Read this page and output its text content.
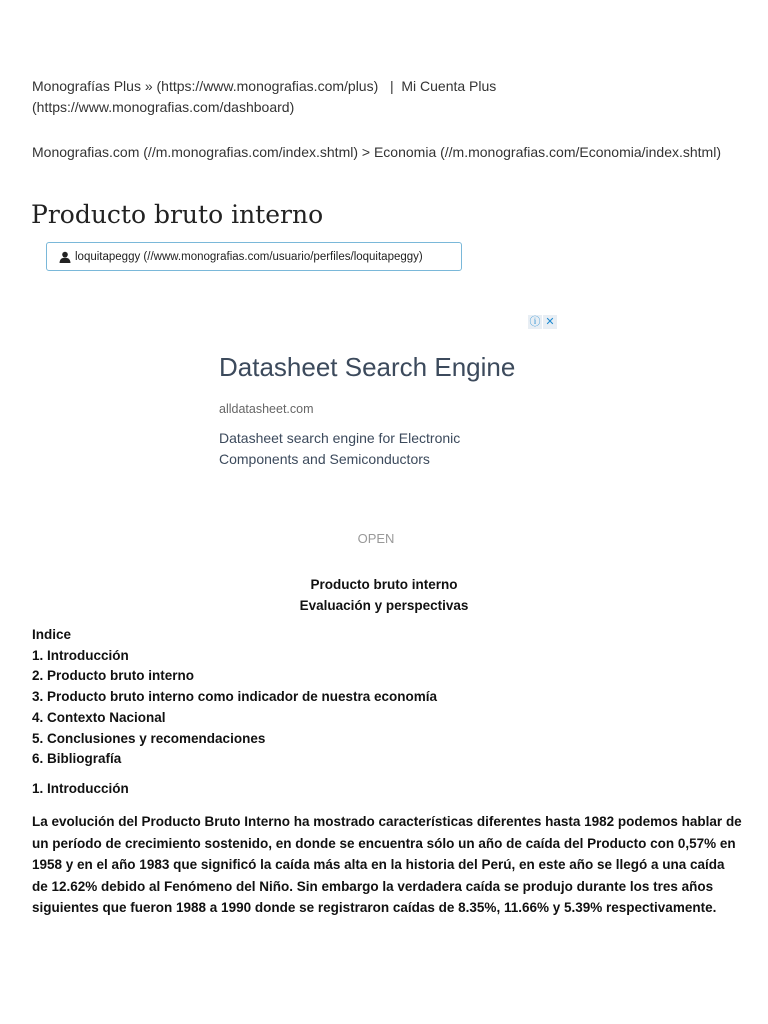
Monografías Plus » (https://www.monografias.com/plus) | Mi Cuenta Plus (https://www.monografias.com/dashboard)
Monografias.com (//m.monografias.com/index.shtml) > Economia (//m.monografias.com/Economia/index.shtml)
Producto bruto interno
loquitapeggy (//www.monografias.com/usuario/perfiles/loquitapeggy)
ⓘ ✕
Datasheet Search Engine
alldatasheet.com
Datasheet search engine for Electronic Components and Semiconductors
OPEN
Producto bruto interno
Evaluación y perspectivas
Indice
1. Introducción
2. Producto bruto interno
3. Producto bruto interno como indicador de nuestra economía
4. Contexto Nacional
5. Conclusiones y recomendaciones
6. Bibliografía
1. Introducción

La evolución del Producto Bruto Interno ha mostrado características diferentes hasta 1982 podemos hablar de un período de crecimiento sostenido, en donde se encuentra sólo un año de caída del Producto con 0,57% en 1958 y en el año 1983 que significó la caída más alta en la historia del Perú, en este año se llegó a una caída de 12.62% debido al Fenómeno del Niño. Sin embargo la verdadera caída se produjo durante los tres años siguientes que fueron 1988 a 1990 donde se registraron caídas de 8.35%, 11.66% y 5.39% respectivamente.
